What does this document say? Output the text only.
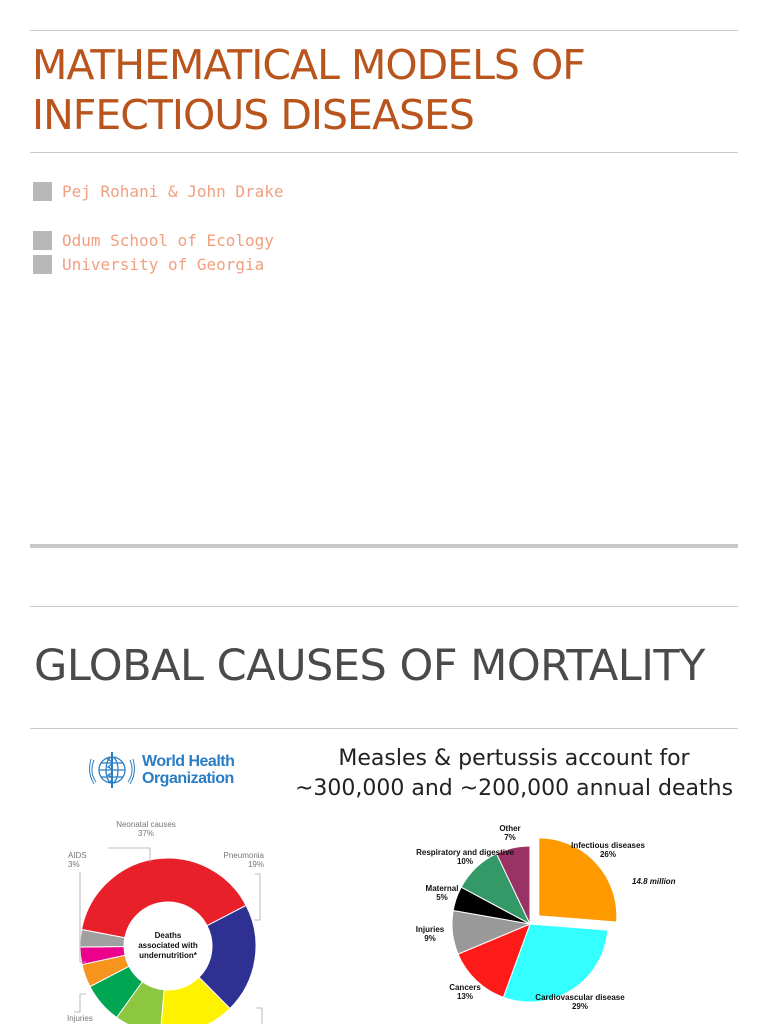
MATHEMATICAL MODELS OF
INFECTIOUS DISEASES
Pej Rohani & John Drake
Odum School of Ecology
University of Georgia
GLOBAL CAUSES OF MORTALITY
World Health
Organization
Measles & pertussis account for
~300,000 and ~200,000 annual deaths
Neonatal causes
37%
Pneumonia
19%
AIDS
3%
Injuries
Deaths
associated with
undernutrition*
Infectious diseases
26%
Cardiovascular disease
29%
Cancers
13%
Injuries
9%
Maternal
5%
Respiratory and digestive
10%
Other
7%
14.8 million
